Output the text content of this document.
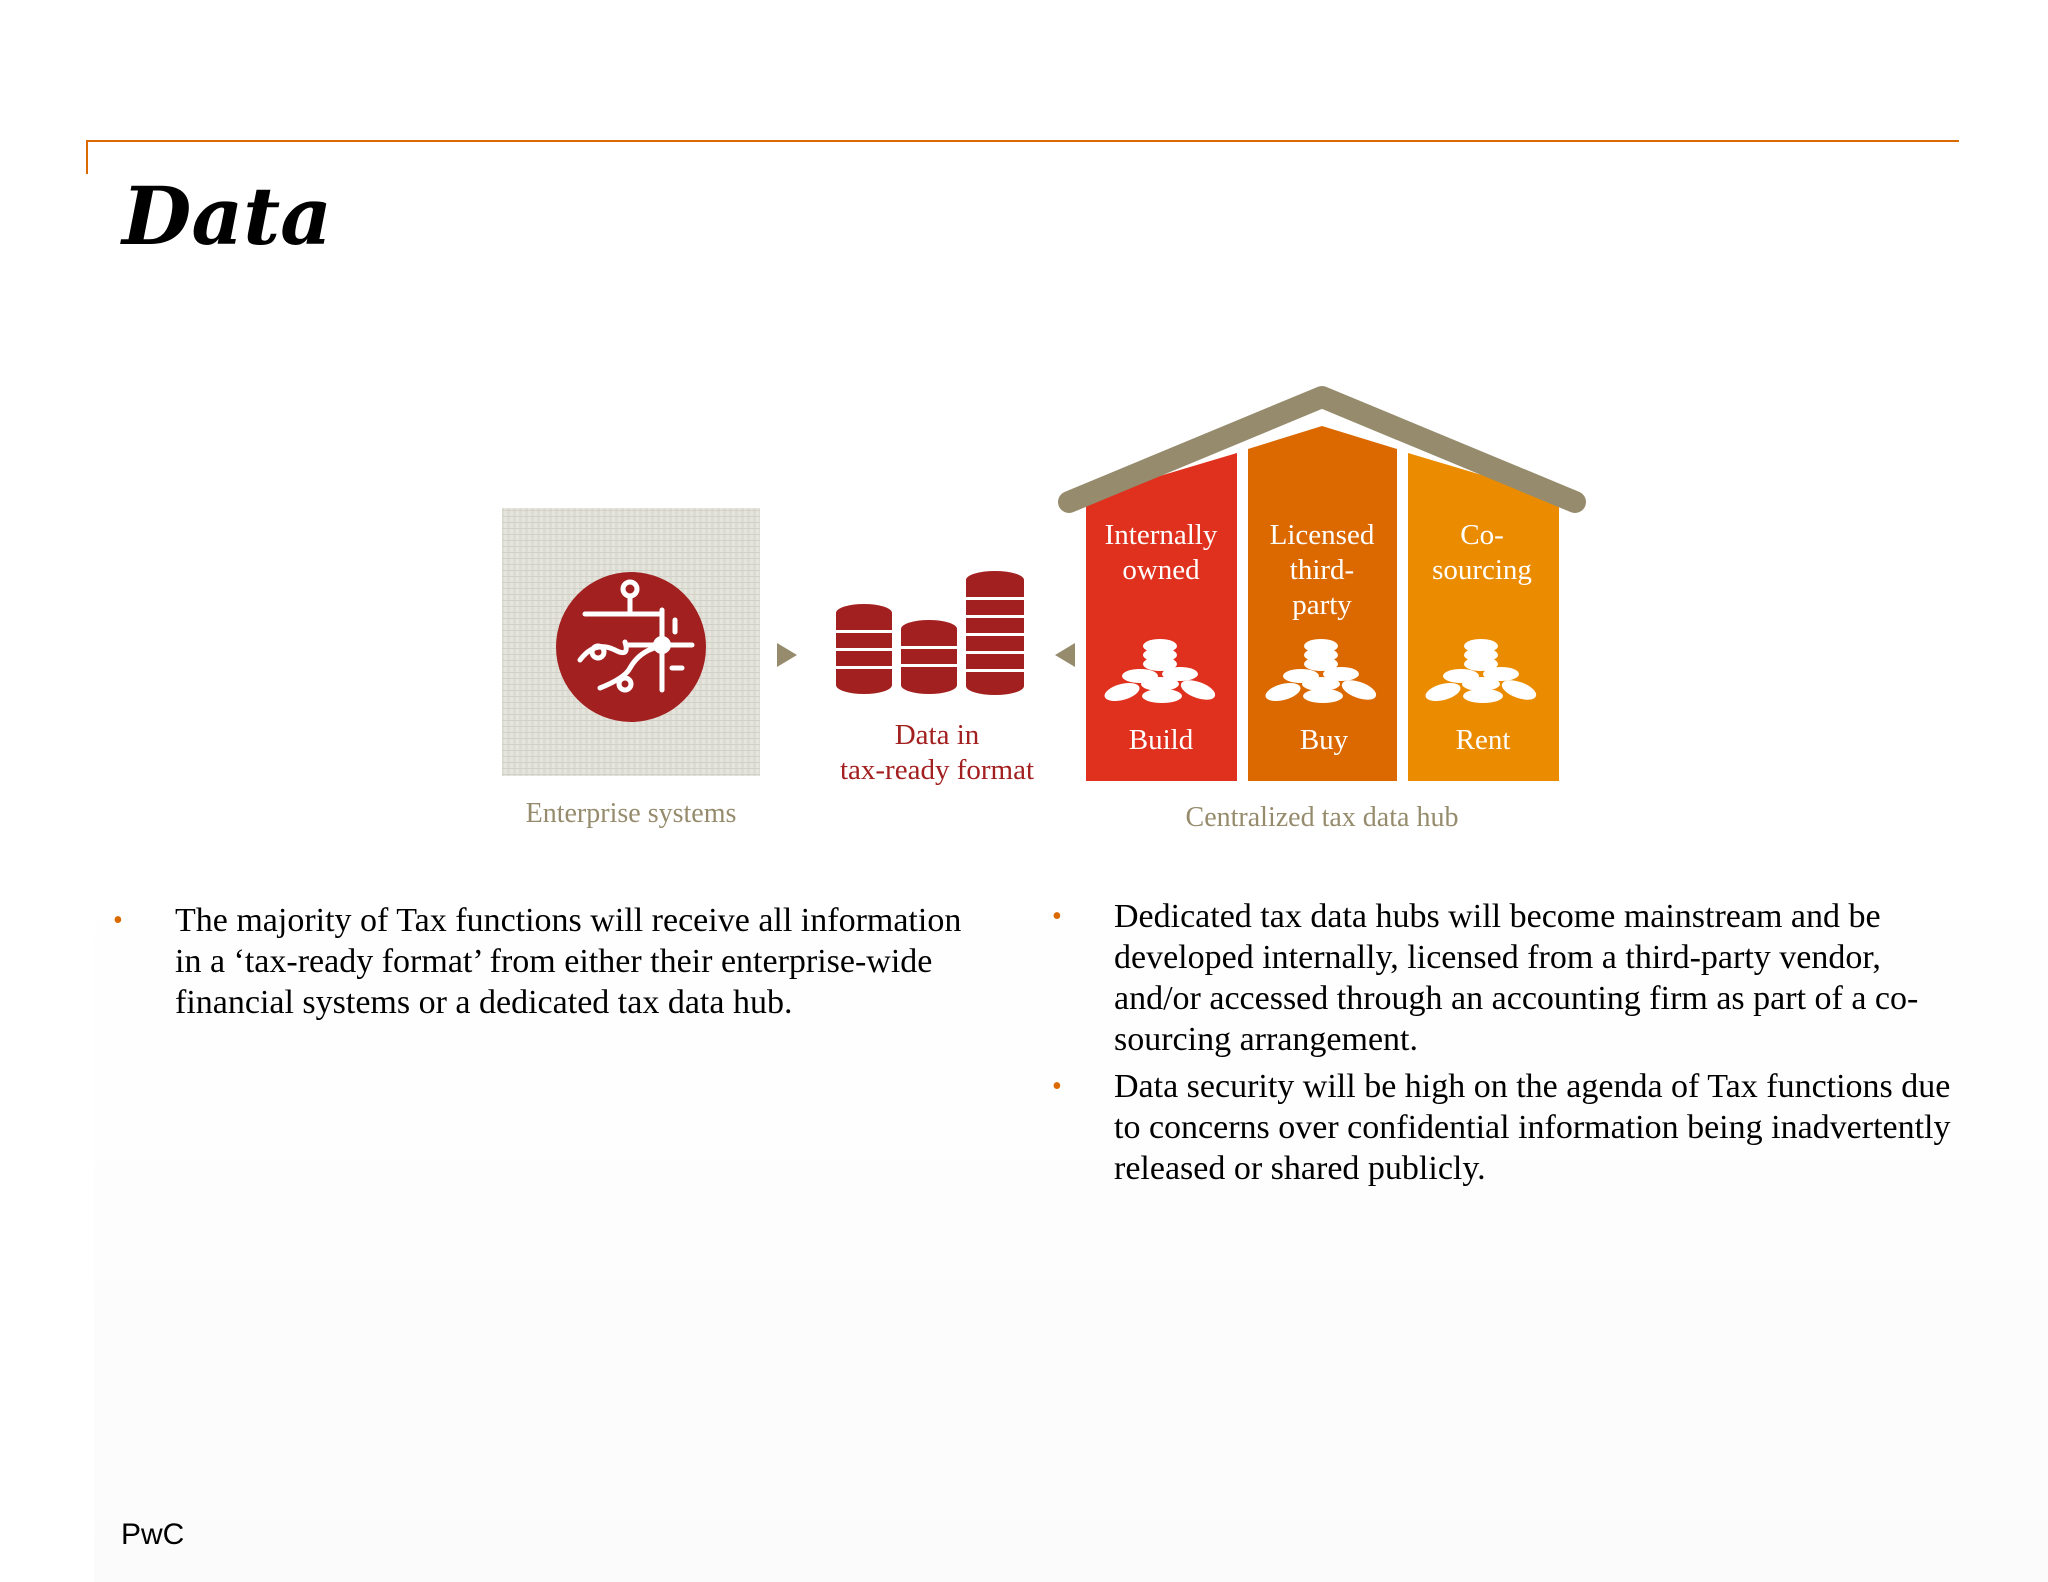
Data
Enterprise systems
Data in
tax-ready format
Internally
owned
Build
Licensed
third-
party
Buy
Co-
sourcing
Rent
Centralized tax data hub
• The majority of Tax functions will receive all information in a ‘tax-ready format’ from either their enterprise-wide financial systems or a dedicated tax data hub.
• Dedicated tax data hubs will become mainstream and be developed internally, licensed from a third-party vendor, and/or accessed through an accounting firm as part of a co-sourcing arrangement.
• Data security will be high on the agenda of Tax functions due to concerns over confidential information being inadvertently released or shared publicly.

PwC
